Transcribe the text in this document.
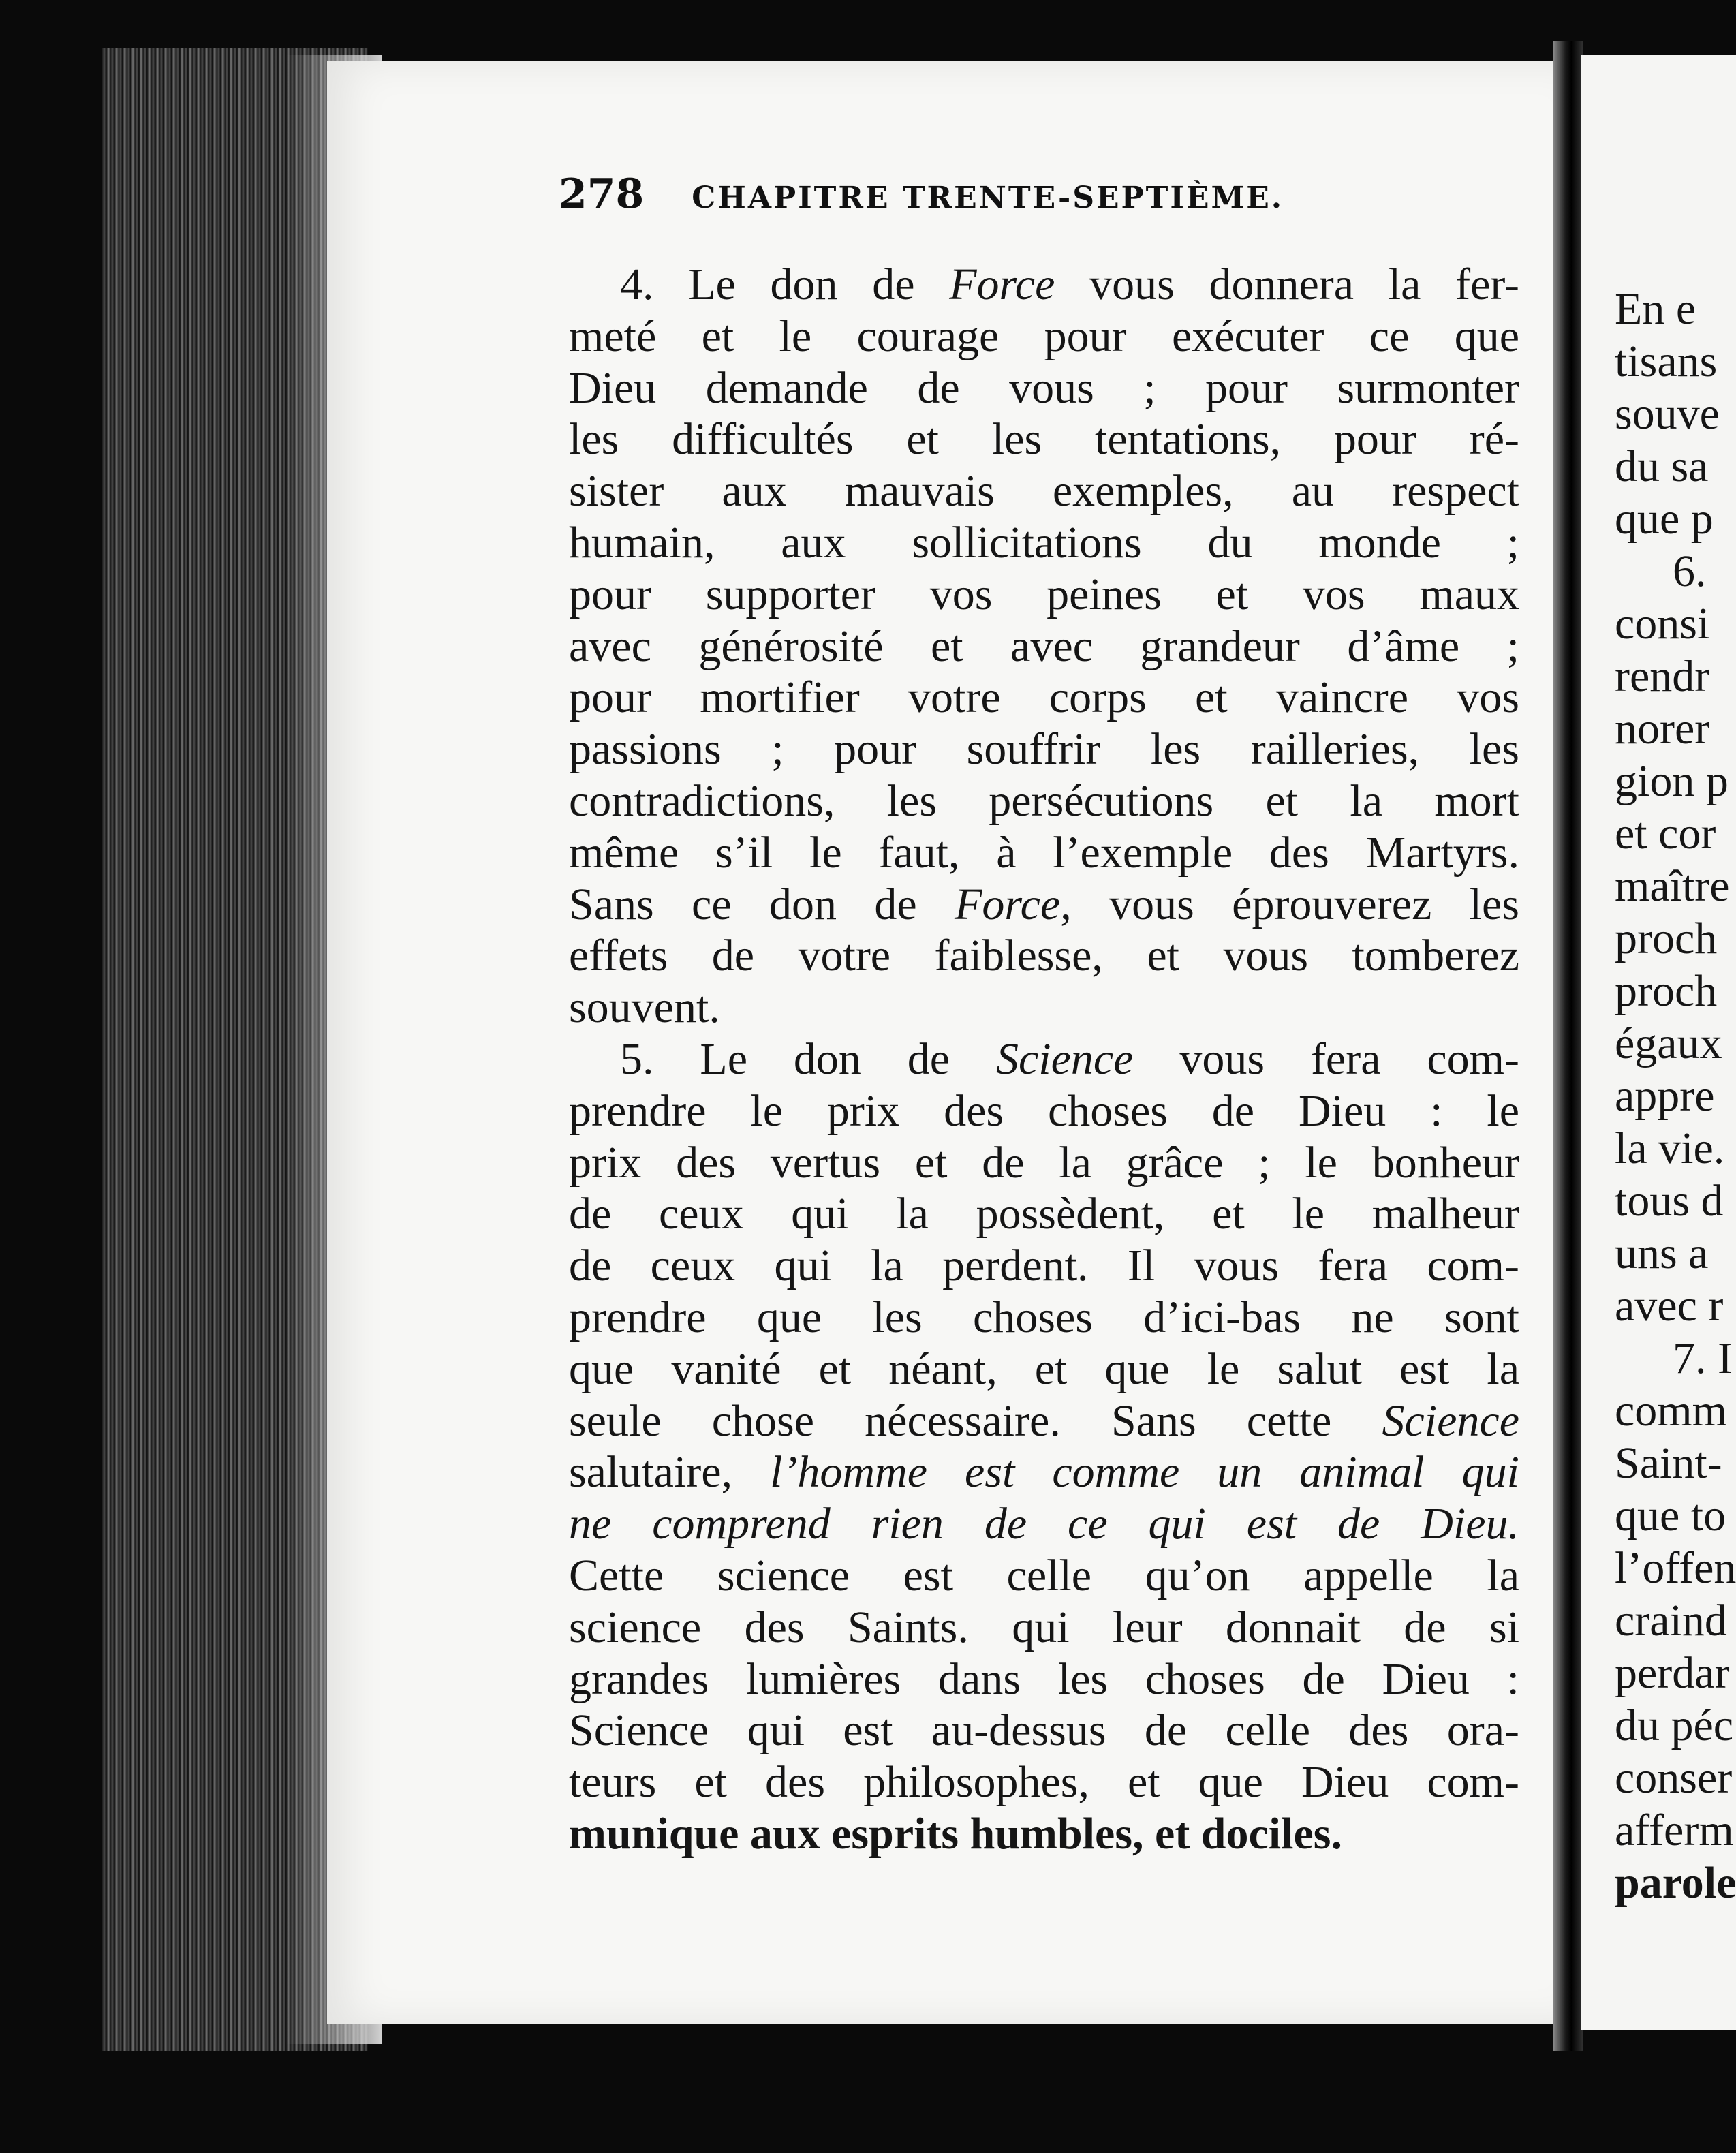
278 CHAPITRE TRENTE-SEPTIÈME.
4. Le don de Force vous donnera la fer-
meté et le courage pour exécuter ce que
Dieu demande de vous ; pour surmonter
les difficultés et les tentations, pour ré-
sister aux mauvais exemples, au respect
humain, aux sollicitations du monde ;
pour supporter vos peines et vos maux
avec générosité et avec grandeur d’âme ;
pour mortifier votre corps et vaincre vos
passions ; pour souffrir les railleries, les
contradictions, les persécutions et la mort
même s’il le faut, à l’exemple des Martyrs.
Sans ce don de Force, vous éprouverez les
effets de votre faiblesse, et vous tomberez
souvent.
5. Le don de Science vous fera com-
prendre le prix des choses de Dieu : le
prix des vertus et de la grâce ; le bonheur
de ceux qui la possèdent, et le malheur
de ceux qui la perdent. Il vous fera com-
prendre que les choses d’ici-bas ne sont
que vanité et néant, et que le salut est la
seule chose nécessaire. Sans cette Science
salutaire, l’homme est comme un animal qui
ne comprend rien de ce qui est de Dieu.
Cette science est celle qu’on appelle la
science des Saints. qui leur donnait de si
grandes lumières dans les choses de Dieu :
Science qui est au-dessus de celle des ora-
teurs et des philosophes, et que Dieu com-
munique aux esprits humbles, et dociles.
En e
tisans
souve
du sa
que p
6.
consi
rendr
norer
gion p
et cor
maître
proch
proch
égaux
appre
la vie.
tous d
uns a
avec r
7. I
comm
Saint-
que to
l’offen
craind
perdar
du péc
conser
afferm
parole
